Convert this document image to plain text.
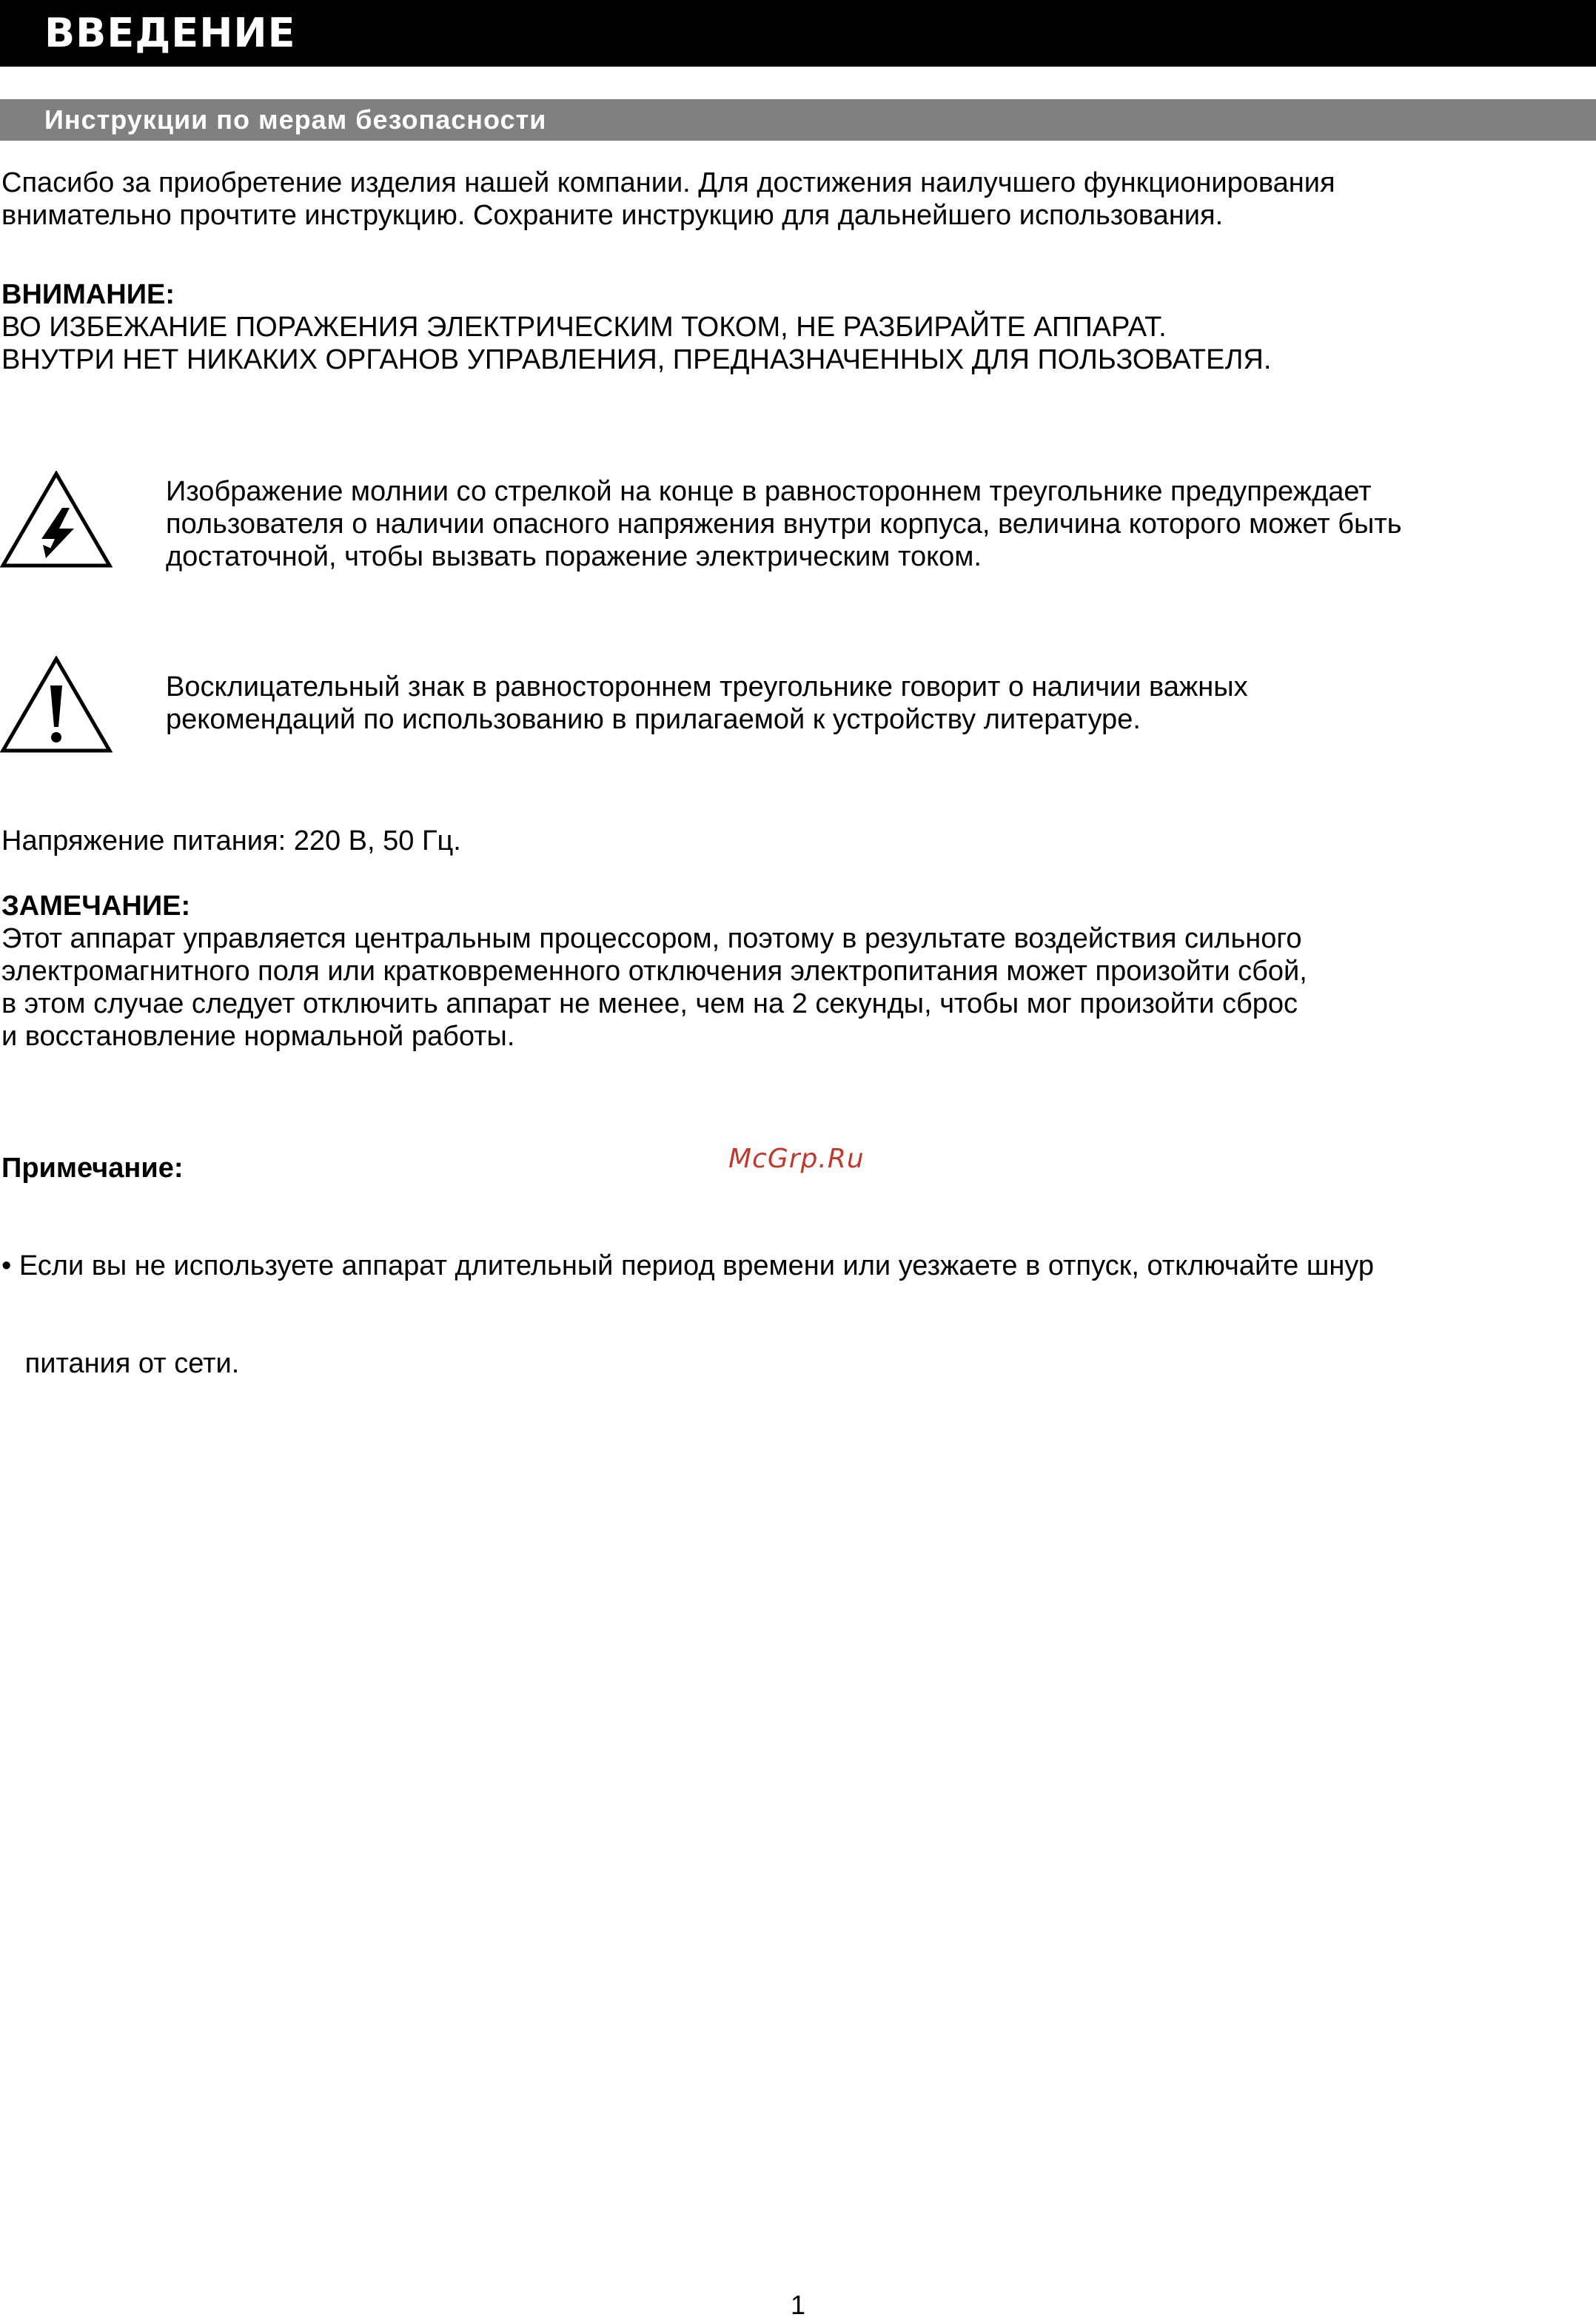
ВВЕДЕНИЕ
Инструкции по мерам безопасности
Спасибо за приобретение изделия нашей компании. Для достижения наилучшего функционирования
внимательно прочтите инструкцию. Сохраните инструкцию для дальнейшего использования.
ВНИМАНИЕ:
ВО ИЗБЕЖАНИЕ ПОРАЖЕНИЯ ЭЛЕКТРИЧЕСКИМ ТОКОМ, НЕ РАЗБИРАЙТЕ АППАРАТ.
ВНУТРИ НЕТ НИКАКИХ ОРГАНОВ УПРАВЛЕНИЯ, ПРЕДНАЗНАЧЕННЫХ ДЛЯ ПОЛЬЗОВАТЕЛЯ.
Изображение молнии со стрелкой на конце в равностороннем треугольнике предупреждает
пользователя о наличии опасного напряжения внутри корпуса, величина которого может быть
достаточной, чтобы вызвать поражение электрическим током.
Восклицательный знак в равностороннем треугольнике говорит о наличии важных
рекомендаций по использованию в прилагаемой к устройству литературе.
Напряжение питания: 220 В, 50 Гц.
ЗАМЕЧАНИЕ:
Этот аппарат управляется центральным процессором, поэтому в результате воздействия сильного
электромагнитного поля или кратковременного отключения электропитания может произойти сбой,
в этом случае следует отключить аппарат не менее, чем на 2 секунды, чтобы мог произойти сброс
и восстановление нормальной работы.

Примечание:

• Если вы не используете аппарат длительный период времени или уезжаете в отпуск, отключайте шнур

питания от сети.

McGrp.Ru
1
